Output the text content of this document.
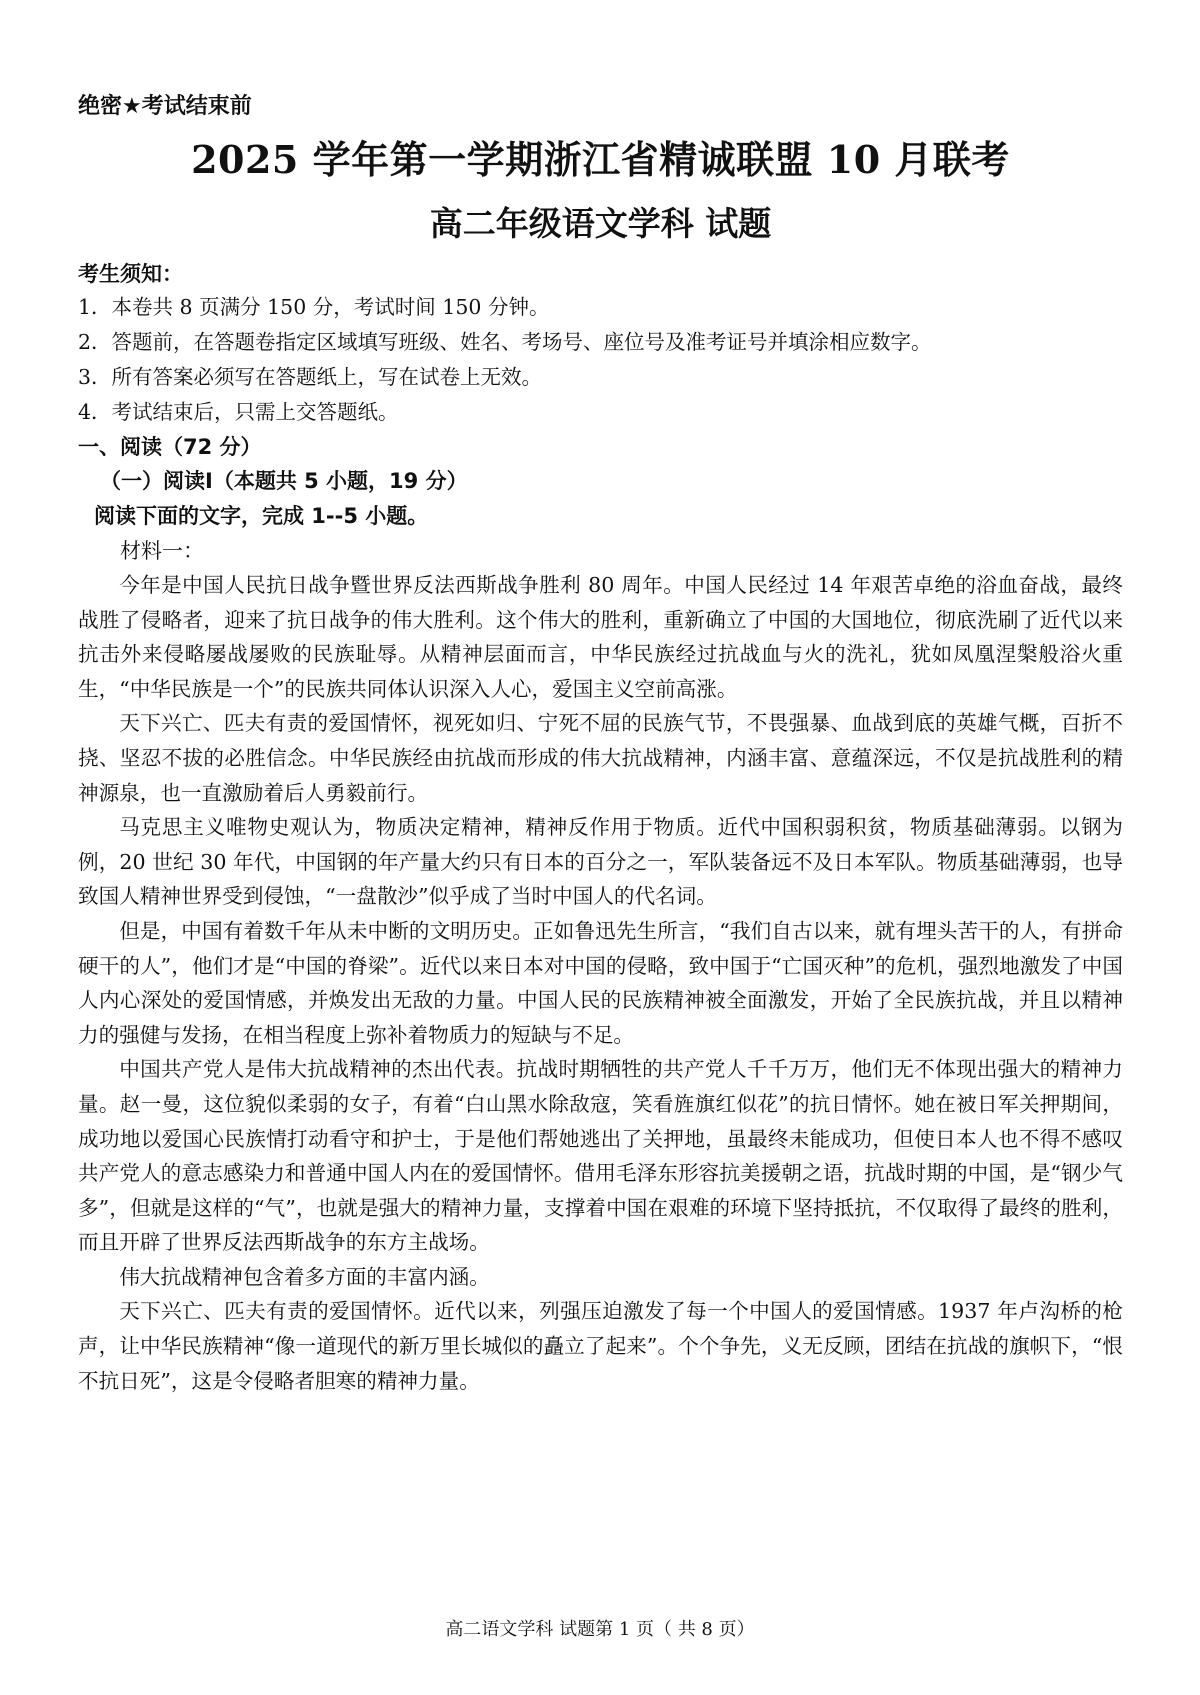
绝密★考试结束前

2025 学年第一学期浙江省精诚联盟 10 月联考
高二年级语文学科 试题

考生须知：

1．本卷共 8 页满分 150 分，考试时间 150 分钟。
2．答题前，在答题卷指定区域填写班级、姓名、考场号、座位号及准考证号并填涂相应数字。
3．所有答案必须写在答题纸上，写在试卷上无效。
4．考试结束后，只需上交答题纸。

一、阅读（72 分）

（一）阅读Ⅰ（本题共 5 小题，19 分）

阅读下面的文字，完成 1--5 小题。

材料一：

今年是中国人民抗日战争暨世界反法西斯战争胜利 80 周年。中国人民经过 14 年艰苦卓绝的浴血奋战，最终战胜了侵略者，迎来了抗日战争的伟大胜利。这个伟大的胜利，重新确立了中国的大国地位，彻底洗刷了近代以来抗击外来侵略屡战屡败的民族耻辱。从精神层面而言，中华民族经过抗战血与火的洗礼，犹如凤凰涅槃般浴火重生，“中华民族是一个”的民族共同体认识深入人心，爱国主义空前高涨。

天下兴亡、匹夫有责的爱国情怀，视死如归、宁死不屈的民族气节，不畏强暴、血战到底的英雄气概，百折不挠、坚忍不拔的必胜信念。中华民族经由抗战而形成的伟大抗战精神，内涵丰富、意蕴深远，不仅是抗战胜利的精神源泉，也一直激励着后人勇毅前行。

马克思主义唯物史观认为，物质决定精神，精神反作用于物质。近代中国积弱积贫，物质基础薄弱。以钢为例，20 世纪 30 年代，中国钢的年产量大约只有日本的百分之一，军队装备远不及日本军队。物质基础薄弱，也导致国人精神世界受到侵蚀，“一盘散沙”似乎成了当时中国人的代名词。

但是，中国有着数千年从未中断的文明历史。正如鲁迅先生所言，“我们自古以来，就有埋头苦干的人，有拼命硬干的人”，他们才是“中国的脊梁”。近代以来日本对中国的侵略，致中国于“亡国灭种”的危机，强烈地激发了中国人内心深处的爱国情感，并焕发出无敌的力量。中国人民的民族精神被全面激发，开始了全民族抗战，并且以精神力的强健与发扬，在相当程度上弥补着物质力的短缺与不足。

中国共产党人是伟大抗战精神的杰出代表。抗战时期牺牲的共产党人千千万万，他们无不体现出强大的精神力量。赵一曼，这位貌似柔弱的女子，有着“白山黑水除敌寇，笑看旌旗红似花”的抗日情怀。她在被日军关押期间，成功地以爱国心民族情打动看守和护士，于是他们帮她逃出了关押地，虽最终未能成功，但使日本人也不得不感叹共产党人的意志感染力和普通中国人内在的爱国情怀。借用毛泽东形容抗美援朝之语，抗战时期的中国，是“钢少气多”，但就是这样的“气”，也就是强大的精神力量，支撑着中国在艰难的环境下坚持抵抗，不仅取得了最终的胜利，而且开辟了世界反法西斯战争的东方主战场。

伟大抗战精神包含着多方面的丰富内涵。

天下兴亡、匹夫有责的爱国情怀。近代以来，列强压迫激发了每一个中国人的爱国情感。1937 年卢沟桥的枪声，让中华民族精神“像一道现代的新万里长城似的矗立了起来”。个个争先，义无反顾，团结在抗战的旗帜下，“恨不抗日死”，这是令侵略者胆寒的精神力量。

高二语文学科 试题第 1 页（ 共 8 页）
